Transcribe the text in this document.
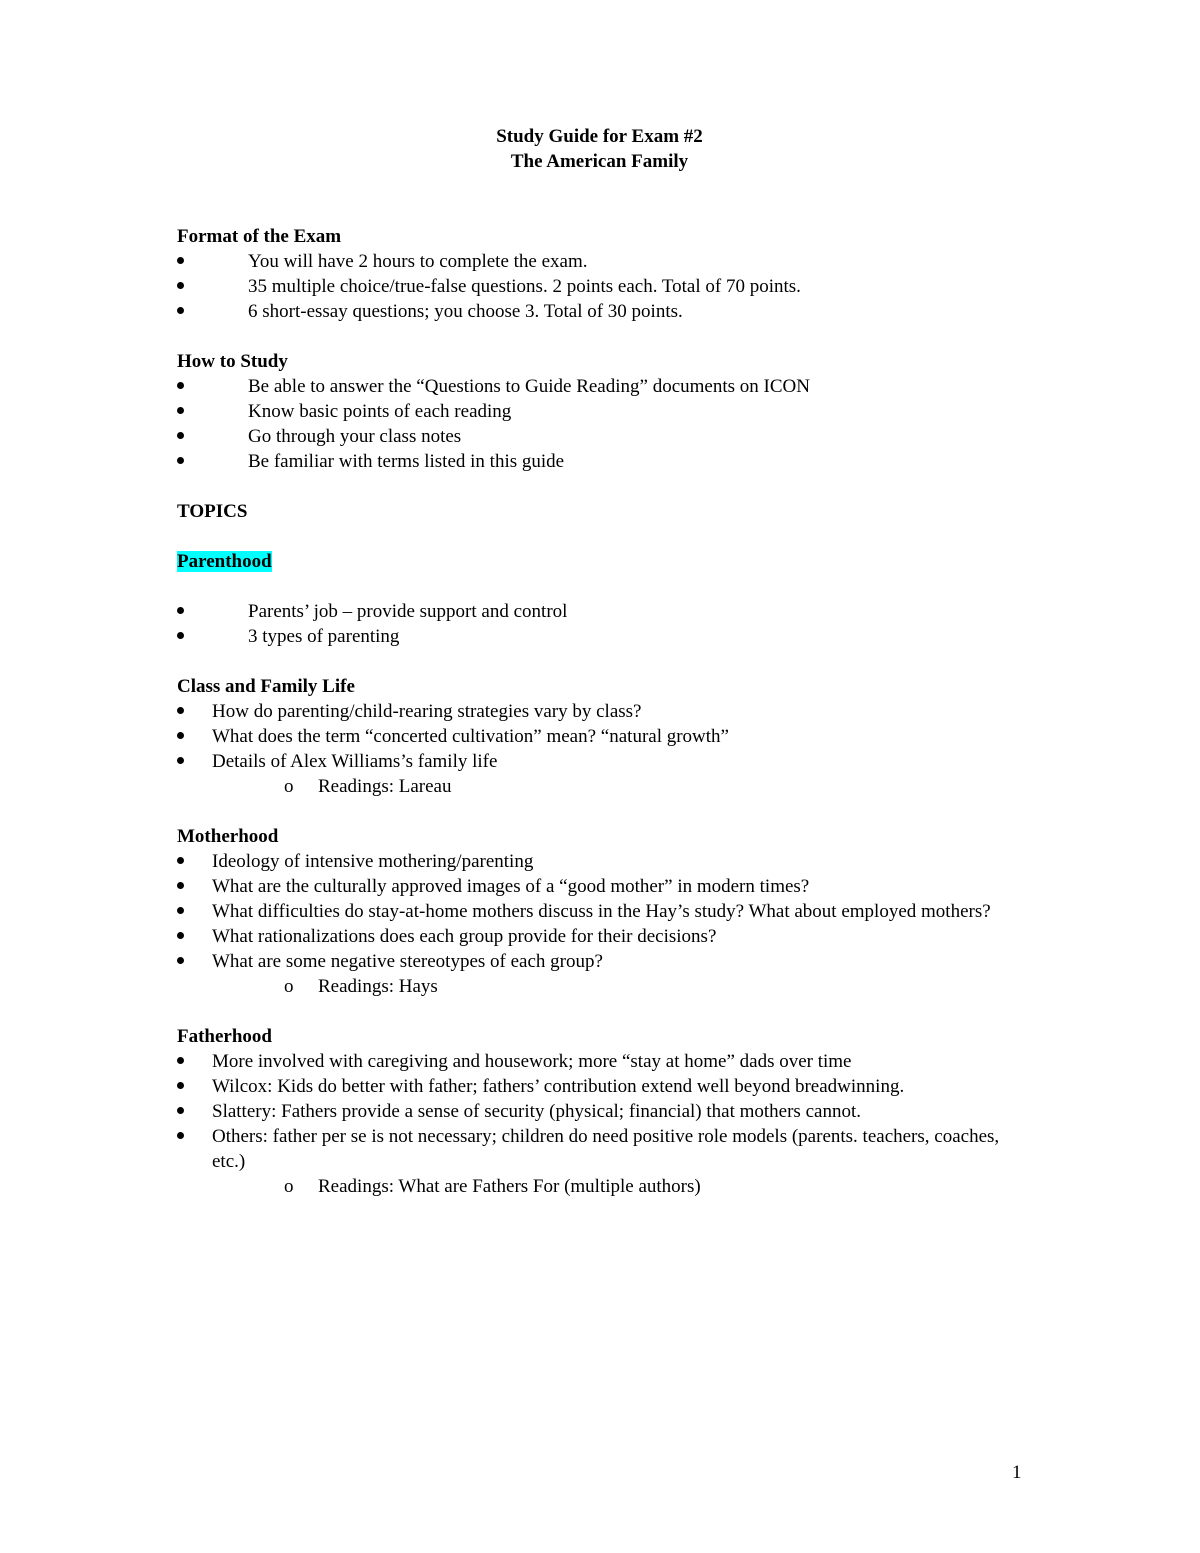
Study Guide for Exam #2

The American Family

Format of the Exam

You will have 2 hours to complete the exam.
35 multiple choice/true-false questions. 2 points each. Total of 70 points.
6 short-essay questions; you choose 3. Total of 30 points.

How to Study

Be able to answer the “Questions to Guide Reading” documents on ICON
Know basic points of each reading
Go through your class notes
Be familiar with terms listed in this guide

TOPICS

Parenthood

Parents’ job – provide support and control
3 types of parenting

Class and Family Life

How do parenting/child-rearing strategies vary by class?
What does the term “concerted cultivation” mean? “natural growth”
Details of Alex Williams’s family life

o Readings: Lareau

Motherhood

Ideology of intensive mothering/parenting
What are the culturally approved images of a “good mother” in modern times?
What difficulties do stay-at-home mothers discuss in the Hay’s study? What about employed mothers?
What rationalizations does each group provide for their decisions?
What are some negative stereotypes of each group?

o Readings: Hays

Fatherhood

More involved with caregiving and housework; more “stay at home” dads over time
Wilcox: Kids do better with father; fathers’ contribution extend well beyond breadwinning.
Slattery: Fathers provide a sense of security (physical; financial) that mothers cannot.
Others: father per se is not necessary; children do need positive role models (parents. teachers, coaches, etc.)

o Readings: What are Fathers For (multiple authors)

1
